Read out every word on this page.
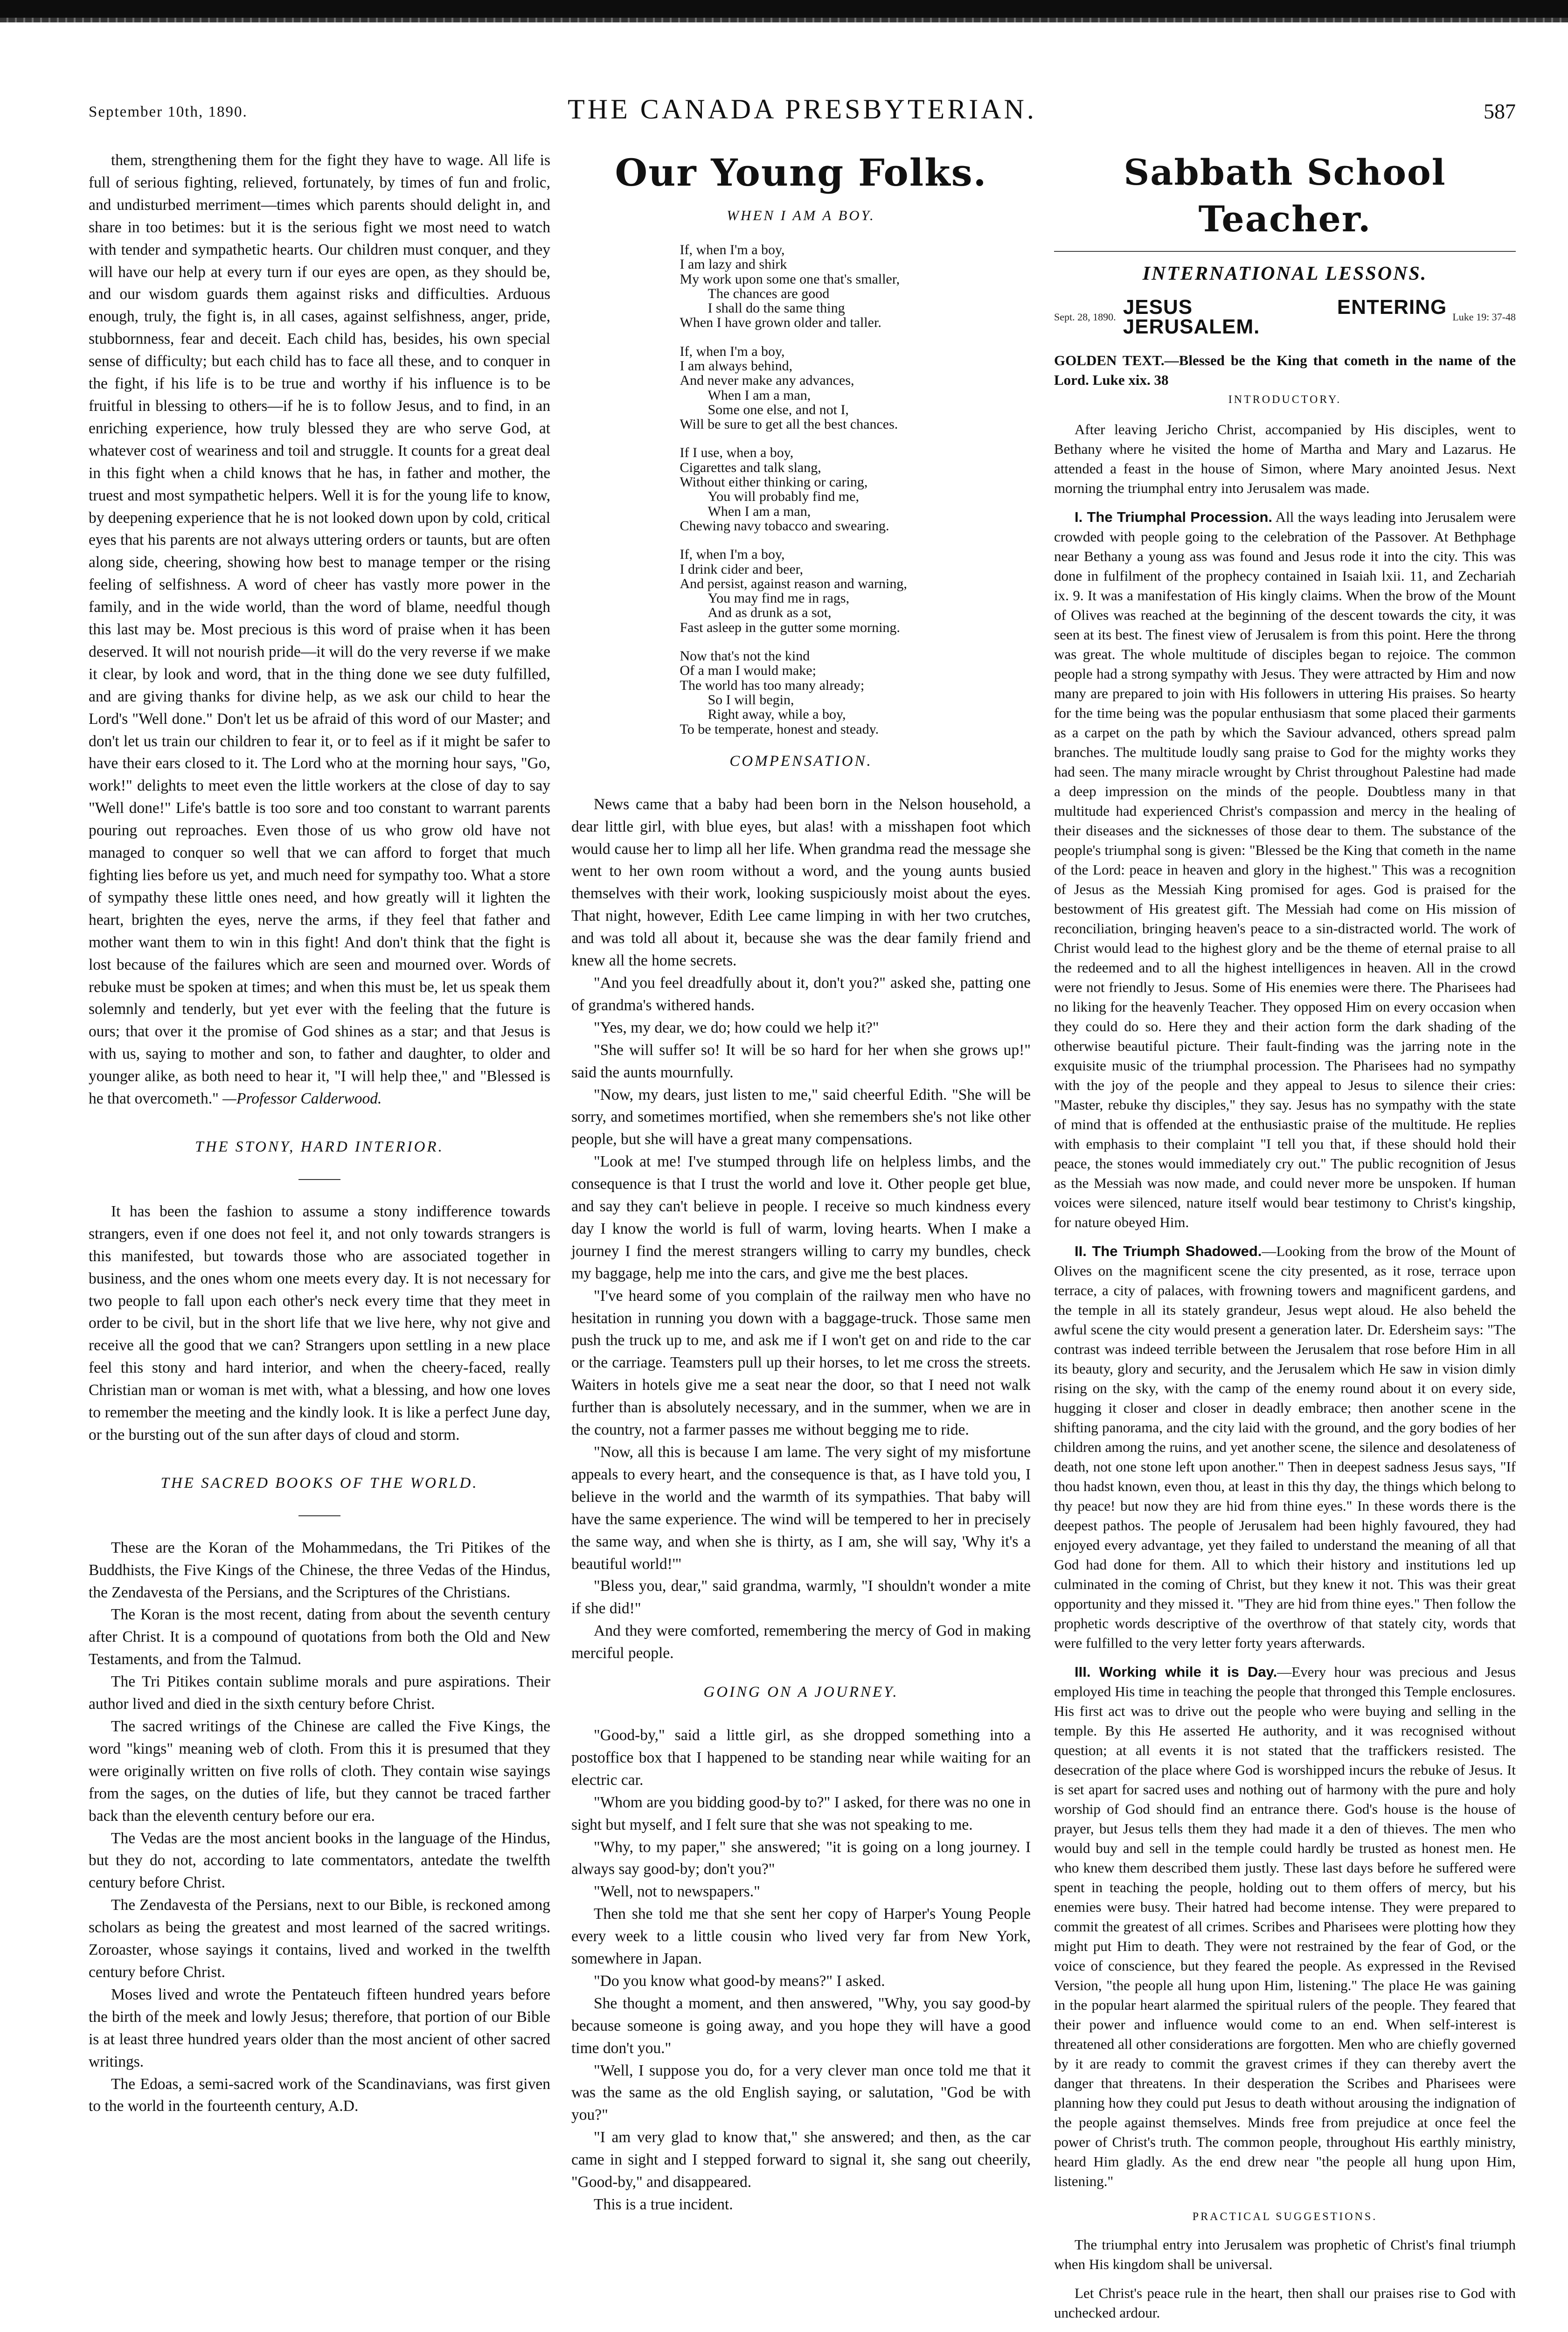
September 10th, 1890.	THE CANADA PRESBYTERIAN.	587

them, strengthening them for the fight they have to wage. All life is full of serious fighting, relieved, fortunately, by times of fun and frolic, and undisturbed merriment—times which parents should delight in, and share in too betimes: but it is the serious fight we most need to watch with tender and sympathetic hearts. Our children must conquer, and they will have our help at every turn if our eyes are open, as they should be, and our wisdom guards them against risks and difficulties. Arduous enough, truly, the fight is, in all cases, against selfishness, anger, pride, stubbornness, fear and deceit. Each child has, besides, his own special sense of difficulty; but each child has to face all these, and to conquer in the fight, if his life is to be true and worthy if his influence is to be fruitful in blessing to others—if he is to follow Jesus, and to find, in an enriching experience, how truly blessed they are who serve God, at whatever cost of weariness and toil and struggle. It counts for a great deal in this fight when a child knows that he has, in father and mother, the truest and most sympathetic helpers. Well it is for the young life to know, by deepening experience that he is not looked down upon by cold, critical eyes that his parents are not always uttering orders or taunts, but are often along side, cheering, showing how best to manage temper or the rising feeling of selfishness. A word of cheer has vastly more power in the family, and in the wide world, than the word of blame, needful though this last may be. Most precious is this word of praise when it has been deserved. It will not nourish pride—it will do the very reverse if we make it clear, by look and word, that in the thing done we see duty fulfilled, and are giving thanks for divine help, as we ask our child to hear the Lord's "Well done." Don't let us be afraid of this word of our Master; and don't let us train our children to fear it, or to feel as if it might be safer to have their ears closed to it. The Lord who at the morning hour says, "Go, work!" delights to meet even the little workers at the close of day to say "Well done!" Life's battle is too sore and too constant to warrant parents pouring out reproaches. Even those of us who grow old have not managed to conquer so well that we can afford to forget that much fighting lies before us yet, and much need for sympathy too. What a store of sympathy these little ones need, and how greatly will it lighten the heart, brighten the eyes, nerve the arms, if they feel that father and mother want them to win in this fight! And don't think that the fight is lost because of the failures which are seen and mourned over. Words of rebuke must be spoken at times; and when this must be, let us speak them solemnly and tenderly, but yet ever with the feeling that the future is ours; that over it the promise of God shines as a star; and that Jesus is with us, saying to mother and son, to father and daughter, to older and younger alike, as both need to hear it, "I will help thee," and "Blessed is he that overcometh." —Professor Calderwood.

THE STONY, HARD INTERIOR.

It has been the fashion to assume a stony indifference towards strangers, even if one does not feel it, and not only towards strangers is this manifested, but towards those who are associated together in business, and the ones whom one meets every day. It is not necessary for two people to fall upon each other's neck every time that they meet in order to be civil, but in the short life that we live here, why not give and receive all the good that we can? Strangers upon settling in a new place feel this stony and hard interior, and when the cheery-faced, really Christian man or woman is met with, what a blessing, and how one loves to remember the meeting and the kindly look. It is like a perfect June day, or the bursting out of the sun after days of cloud and storm.

THE SACRED BOOKS OF THE WORLD.

These are the Koran of the Mohammedans, the Tri Pitikes of the Buddhists, the Five Kings of the Chinese, the three Vedas of the Hindus, the Zendavesta of the Persians, and the Scriptures of the Christians.

The Koran is the most recent, dating from about the seventh century after Christ. It is a compound of quotations from both the Old and New Testaments, and from the Talmud.

The Tri Pitikes contain sublime morals and pure aspirations. Their author lived and died in the sixth century before Christ.

The sacred writings of the Chinese are called the Five Kings, the word "kings" meaning web of cloth. From this it is presumed that they were originally written on five rolls of cloth. They contain wise sayings from the sages, on the duties of life, but they cannot be traced farther back than the eleventh century before our era.

The Vedas are the most ancient books in the language of the Hindus, but they do not, according to late commentators, antedate the twelfth century before Christ.

The Zendavesta of the Persians, next to our Bible, is reckoned among scholars as being the greatest and most learned of the sacred writings. Zoroaster, whose sayings it contains, lived and worked in the twelfth century before Christ.

Moses lived and wrote the Pentateuch fifteen hundred years before the birth of the meek and lowly Jesus; therefore, that portion of our Bible is at least three hundred years older than the most ancient of other sacred writings.

The Edoas, a semi-sacred work of the Scandinavians, was first given to the world in the fourteenth century, A.D.

Our Young Folks.
WHEN I AM A BOY.
If, when I'm a boy,
I am lazy and shirk
My work upon some one that's smaller,
The chances are good
I shall do the same thing
When I have grown older and taller.
If, when I'm a boy,
I am always behind,
And never make any advances,
When I am a man,
Some one else, and not I,
Will be sure to get all the best chances.
If I use, when a boy,
Cigarettes and talk slang,
Without either thinking or caring,
You will probably find me,
When I am a man,
Chewing navy tobacco and swearing.
If, when I'm a boy,
I drink cider and beer,
And persist, against reason and warning,
You may find me in rags,
And as drunk as a sot,
Fast asleep in the gutter some morning.
Now that's not the kind
Of a man I would make;
The world has too many already;
So I will begin,
Right away, while a boy,
To be temperate, honest and steady.
COMPENSATION.

News came that a baby had been born in the Nelson household, a dear little girl, with blue eyes, but alas! with a misshapen foot which would cause her to limp all her life. When grandma read the message she went to her own room without a word, and the young aunts busied themselves with their work, looking suspiciously moist about the eyes. That night, however, Edith Lee came limping in with her two crutches, and was told all about it, because she was the dear family friend and knew all the home secrets.

"And you feel dreadfully about it, don't you?" asked she, patting one of grandma's withered hands.

"Yes, my dear, we do; how could we help it?"

"She will suffer so! It will be so hard for her when she grows up!" said the aunts mournfully.

"Now, my dears, just listen to me," said cheerful Edith. "She will be sorry, and sometimes mortified, when she remembers she's not like other people, but she will have a great many compensations.

"Look at me! I've stumped through life on helpless limbs, and the consequence is that I trust the world and love it. Other people get blue, and say they can't believe in people. I receive so much kindness every day I know the world is full of warm, loving hearts. When I make a journey I find the merest strangers willing to carry my bundles, check my baggage, help me into the cars, and give me the best places.

"I've heard some of you complain of the railway men who have no hesitation in running you down with a baggage-truck. Those same men push the truck up to me, and ask me if I won't get on and ride to the car or the carriage. Teamsters pull up their horses, to let me cross the streets. Waiters in hotels give me a seat near the door, so that I need not walk further than is absolutely necessary, and in the summer, when we are in the country, not a farmer passes me without begging me to ride.

"Now, all this is because I am lame. The very sight of my misfortune appeals to every heart, and the consequence is that, as I have told you, I believe in the world and the warmth of its sympathies. That baby will have the same experience. The wind will be tempered to her in precisely the same way, and when she is thirty, as I am, she will say, 'Why it's a beautiful world!'"

"Bless you, dear," said grandma, warmly, "I shouldn't wonder a mite if she did!"

And they were comforted, remembering the mercy of God in making merciful people.

GOING ON A JOURNEY.

"Good-by," said a little girl, as she dropped something into a postoffice box that I happened to be standing near while waiting for an electric car.

"Whom are you bidding good-by to?" I asked, for there was no one in sight but myself, and I felt sure that she was not speaking to me.

"Why, to my paper," she answered; "it is going on a long journey. I always say good-by; don't you?"

"Well, not to newspapers."

Then she told me that she sent her copy of Harper's Young People every week to a little cousin who lived very far from New York, somewhere in Japan.

"Do you know what good-by means?" I asked.

She thought a moment, and then answered, "Why, you say good-by because someone is going away, and you hope they will have a good time don't you."

"Well, I suppose you do, for a very clever man once told me that it was the same as the old English saying, or salutation, "God be with you?"

"I am very glad to know that," she answered; and then, as the car came in sight and I stepped forward to signal it, she sang out cheerily, "Good-by," and disappeared.

This is a true incident.

Sabbath School Teacher.
INTERNATIONAL LESSONS.
Sept. 28, 1890. JESUS ENTERING JERUSALEM.	Luke 19: 37-48

GOLDEN TEXT.—Blessed be the King that cometh in the name of the Lord. Luke xix. 38

INTRODUCTORY.

After leaving Jericho Christ, accompanied by His disciples, went to Bethany where he visited the home of Martha and Mary and Lazarus. He attended a feast in the house of Simon, where Mary anointed Jesus. Next morning the triumphal entry into Jerusalem was made.

I. The Triumphal Procession. All the ways leading into Jerusalem were crowded with people going to the celebration of the Passover. At Bethphage near Bethany a young ass was found and Jesus rode it into the city. This was done in fulfilment of the prophecy contained in Isaiah lxii. 11, and Zechariah ix. 9. It was a manifestation of His kingly claims. When the brow of the Mount of Olives was reached at the beginning of the descent towards the city, it was seen at its best. The finest view of Jerusalem is from this point. Here the throng was great. The whole multitude of disciples began to rejoice. The common people had a strong sympathy with Jesus. They were attracted by Him and now many are prepared to join with His followers in uttering His praises. So hearty for the time being was the popular enthusiasm that some placed their garments as a carpet on the path by which the Saviour advanced, others spread palm branches. The multitude loudly sang praise to God for the mighty works they had seen. The many miracle wrought by Christ throughout Palestine had made a deep impression on the minds of the people. Doubtless many in that multitude had experienced Christ's compassion and mercy in the healing of their diseases and the sicknesses of those dear to them. The substance of the people's triumphal song is given: "Blessed be the King that cometh in the name of the Lord: peace in heaven and glory in the highest." This was a recognition of Jesus as the Messiah King promised for ages. God is praised for the bestowment of His greatest gift. The Messiah had come on His mission of reconciliation, bringing heaven's peace to a sin-distracted world. The work of Christ would lead to the highest glory and be the theme of eternal praise to all the redeemed and to all the highest intelligences in heaven. All in the crowd were not friendly to Jesus. Some of His enemies were there. The Pharisees had no liking for the heavenly Teacher. They opposed Him on every occasion when they could do so. Here they and their action form the dark shading of the otherwise beautiful picture. Their fault-finding was the jarring note in the exquisite music of the triumphal procession. The Pharisees had no sympathy with the joy of the people and they appeal to Jesus to silence their cries: "Master, rebuke thy disciples," they say. Jesus has no sympathy with the state of mind that is offended at the enthusiastic praise of the multitude. He replies with emphasis to their complaint "I tell you that, if these should hold their peace, the stones would immediately cry out." The public recognition of Jesus as the Messiah was now made, and could never more be unspoken. If human voices were silenced, nature itself would bear testimony to Christ's kingship, for nature obeyed Him.

II. The Triumph Shadowed.—Looking from the brow of the Mount of Olives on the magnificent scene the city presented, as it rose, terrace upon terrace, a city of palaces, with frowning towers and magnificent gardens, and the temple in all its stately grandeur, Jesus wept aloud. He also beheld the awful scene the city would present a generation later. Dr. Edersheim says: "The contrast was indeed terrible between the Jerusalem that rose before Him in all its beauty, glory and security, and the Jerusalem which He saw in vision dimly rising on the sky, with the camp of the enemy round about it on every side, hugging it closer and closer in deadly embrace; then another scene in the shifting panorama, and the city laid with the ground, and the gory bodies of her children among the ruins, and yet another scene, the silence and desolateness of death, not one stone left upon another." Then in deepest sadness Jesus says, "If thou hadst known, even thou, at least in this thy day, the things which belong to thy peace! but now they are hid from thine eyes." In these words there is the deepest pathos. The people of Jerusalem had been highly favoured, they had enjoyed every advantage, yet they failed to understand the meaning of all that God had done for them. All to which their history and institutions led up culminated in the coming of Christ, but they knew it not. This was their great opportunity and they missed it. "They are hid from thine eyes." Then follow the prophetic words descriptive of the overthrow of that stately city, words that were fulfilled to the very letter forty years afterwards.

III. Working while it is Day.—Every hour was precious and Jesus employed His time in teaching the people that thronged this Temple enclosures. His first act was to drive out the people who were buying and selling in the temple. By this He asserted He authority, and it was recognised without question; at all events it is not stated that the traffickers resisted. The desecration of the place where God is worshipped incurs the rebuke of Jesus. It is set apart for sacred uses and nothing out of harmony with the pure and holy worship of God should find an entrance there. God's house is the house of prayer, but Jesus tells them they had made it a den of thieves. The men who would buy and sell in the temple could hardly be trusted as honest men. He who knew them described them justly. These last days before he suffered were spent in teaching the people, holding out to them offers of mercy, but his enemies were busy. Their hatred had become intense. They were prepared to commit the greatest of all crimes. Scribes and Pharisees were plotting how they might put Him to death. They were not restrained by the fear of God, or the voice of conscience, but they feared the people. As expressed in the Revised Version, "the people all hung upon Him, listening." The place He was gaining in the popular heart alarmed the spiritual rulers of the people. They feared that their power and influence would come to an end. When self-interest is threatened all other considerations are forgotten. Men who are chiefly governed by it are ready to commit the gravest crimes if they can thereby avert the danger that threatens. In their desperation the Scribes and Pharisees were planning how they could put Jesus to death without arousing the indignation of the people against themselves. Minds free from prejudice at once feel the power of Christ's truth. The common people, throughout His earthly ministry, heard Him gladly. As the end drew near "the people all hung upon Him, listening."

PRACTICAL SUGGESTIONS.

The triumphal entry into Jerusalem was prophetic of Christ's final triumph when His kingdom shall be universal.

Let Christ's peace rule in the heart, then shall our praises rise to God with unchecked ardour.
